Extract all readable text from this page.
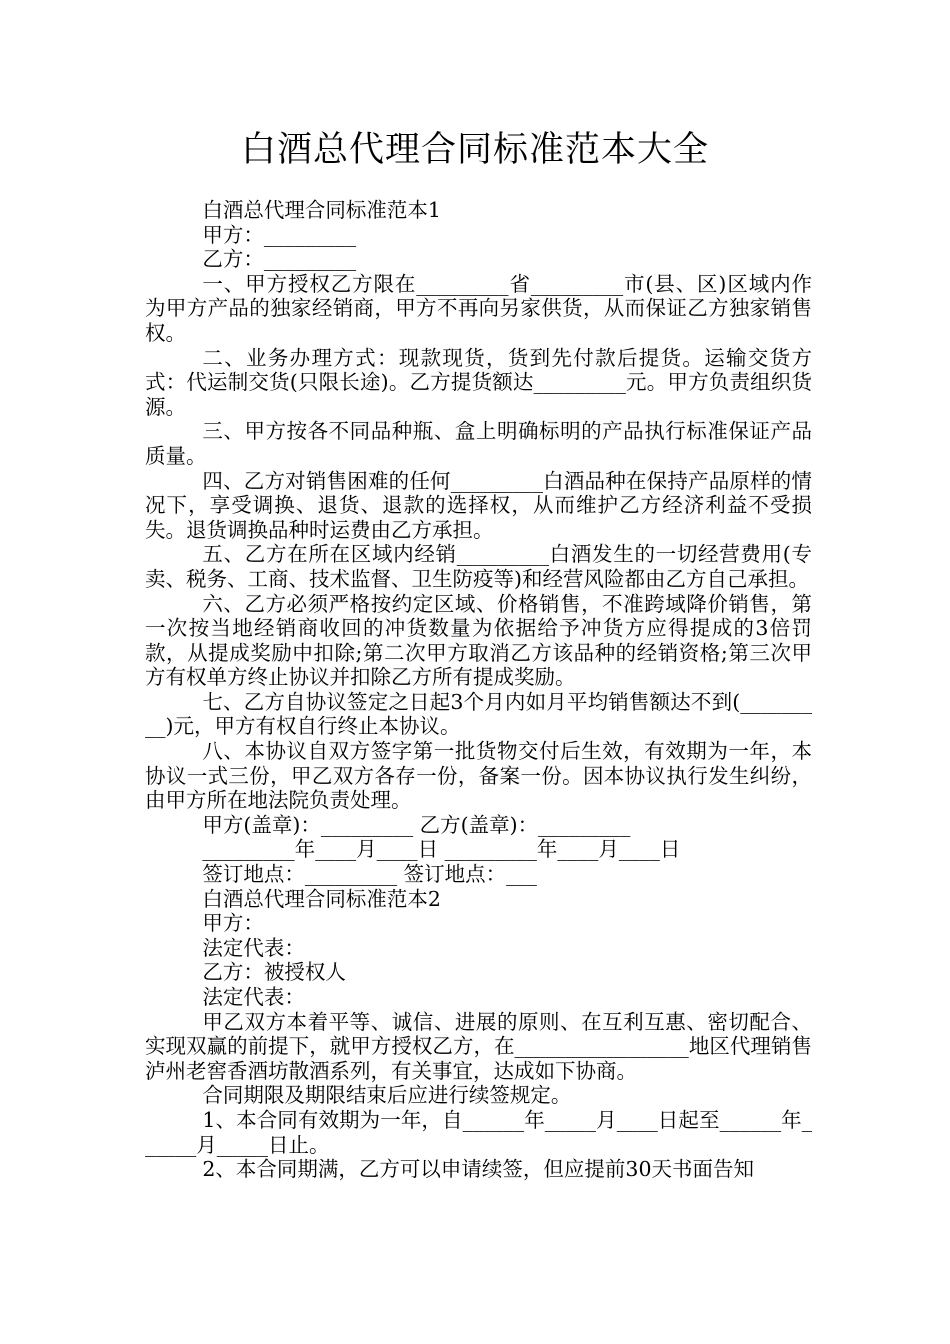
白酒总代理合同标准范本大全

白酒总代理合同标准范本1

甲方：_________

乙方：_________

一、甲方授权乙方限在_________省_________市(县、区)区域内作为甲方产品的独家经销商，甲方不再向另家供货，从而保证乙方独家销售权。

二、业务办理方式：现款现货，货到先付款后提货。运输交货方式：代运制交货(只限长途)。乙方提货额达_________元。甲方负责组织货源。

三、甲方按各不同品种瓶、盒上明确标明的产品执行标准保证产品质量。

四、乙方对销售困难的任何_________白酒品种在保持产品原样的情况下，享受调换、退货、退款的选择权，从而维护乙方经济利益不受损失。退货调换品种时运费由乙方承担。

五、乙方在所在区域内经销_________白酒发生的一切经营费用(专卖、税务、工商、技术监督、卫生防疫等)和经营风险都由乙方自己承担。

六、乙方必须严格按约定区域、价格销售，不准跨域降价销售，第一次按当地经销商收回的冲货数量为依据给予冲货方应得提成的3倍罚款，从提成奖励中扣除;第二次甲方取消乙方该品种的经销资格;第三次甲方有权单方终止协议并扣除乙方所有提成奖励。

七、乙方自协议签定之日起3个月内如月平均销售额达不到(_________)元，甲方有权自行终止本协议。

八、本协议自双方签字第一批货物交付后生效，有效期为一年，本协议一式三份，甲乙双方各存一份，备案一份。因本协议执行发生纠纷，由甲方所在地法院负责处理。

甲方(盖章)：_________ 乙方(盖章)：_________

_________年____月____日 _________年____月____日

签订地点：_________ 签订地点：___

白酒总代理合同标准范本2

甲方：

法定代表：

乙方：被授权人

法定代表：

甲乙双方本着平等、诚信、进展的原则、在互利互惠、密切配合、实现双赢的前提下，就甲方授权乙方，在_________________地区代理销售泸州老窖香酒坊散酒系列，有关事宜，达成如下协商。

合同期限及期限结束后应进行续签规定。

1、本合同有效期为一年，自______年_____月____日起至______年______月_____日止。

2、本合同期满，乙方可以申请续签，但应提前30天书面告知
